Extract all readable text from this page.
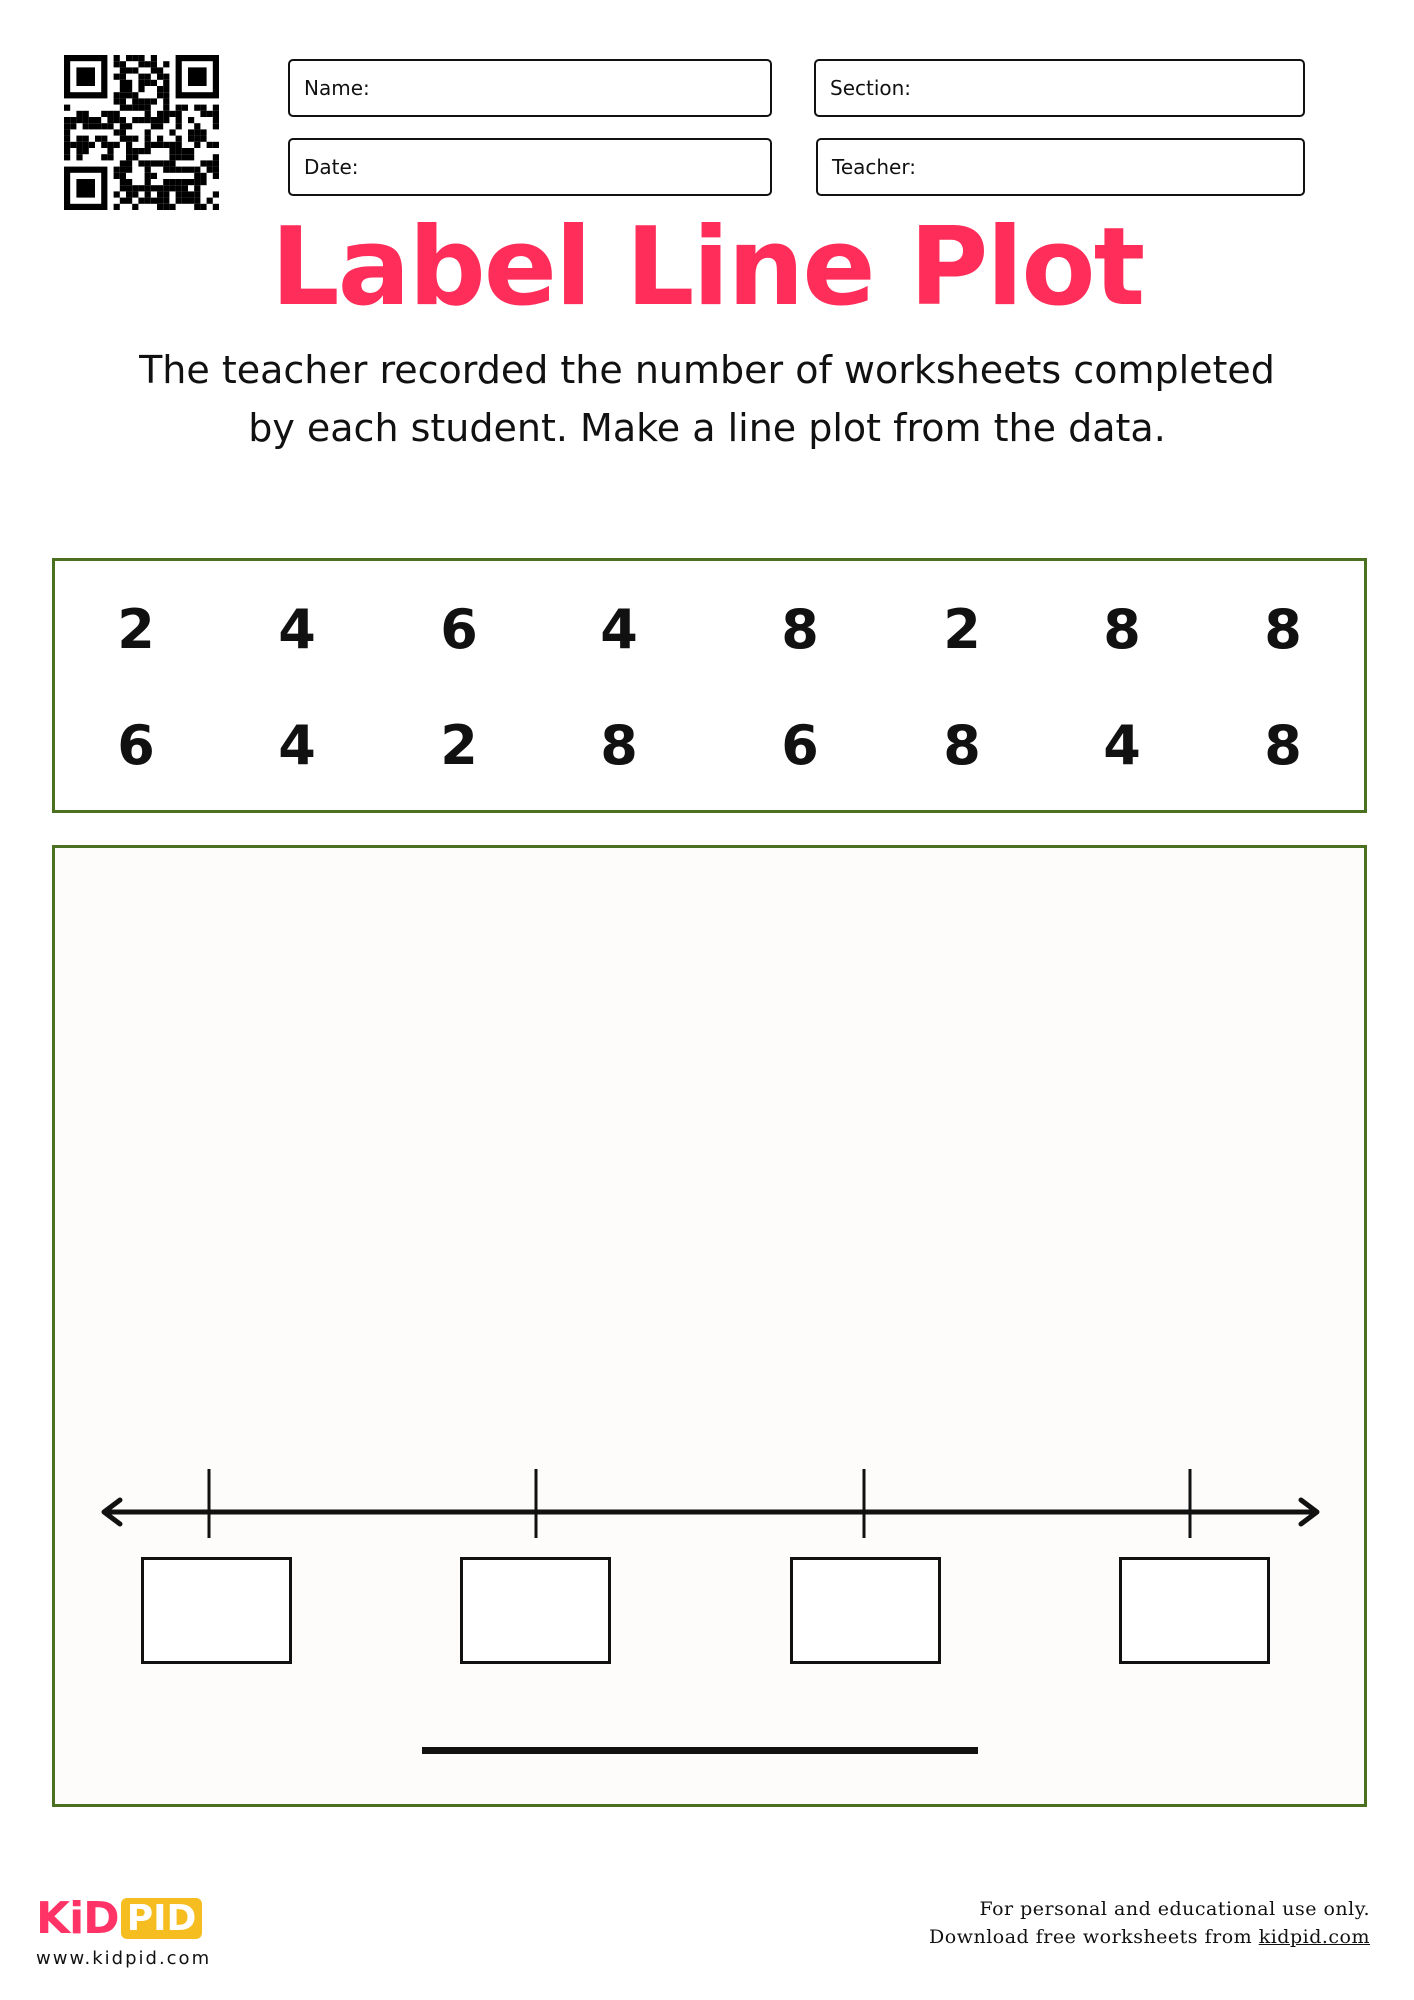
Name:	Section:
Date:	Teacher:
Label Line Plot
The teacher recorded the number of worksheets completed
by each student. Make a line plot from the data.
2	4	6	4	8	2	8	8
6	4	2	8	6	8	4	8
KiD PID
www.kidpid.com
For personal and educational use only.
Download free worksheets from kidpid.com
